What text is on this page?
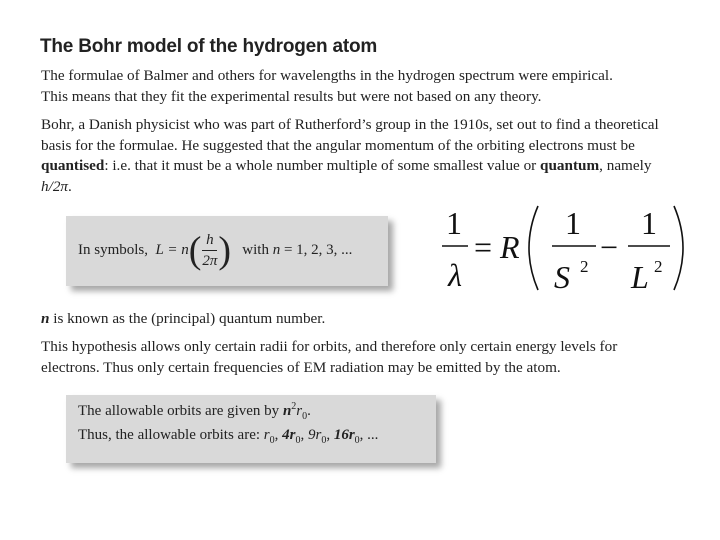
The Bohr model of the hydrogen atom
The formulae of Balmer and others for wavelengths in the hydrogen spectrum were empirical.
This means that they fit the experimental results but were not based on any theory.
Bohr, a Danish physicist who was part of Rutherford’s group in the 1910s, set out to find a theoretical basis for the formulae. He suggested that the angular momentum of the orbiting electrons must be quantised: i.e. that it must be a whole number multiple of some smallest value or quantum, namely h/2π.
In symbols, $L = n( \frac{h}{2\pi}$ ) with n = 1, 2, 3, ...
1
λ
= R
1
S 2
−
1
L 2
n is known as the (principal) quantum number.
This hypothesis allows only certain radii for orbits, and therefore only certain energy levels for electrons. Thus only certain frequencies of EM radiation may be emitted by the atom.
The allowable orbits are given by $n^2r_0$.
Thus, the allowable orbits are: $r_0$, $4r_0$, $9r_0$, $16r_0$, ...
